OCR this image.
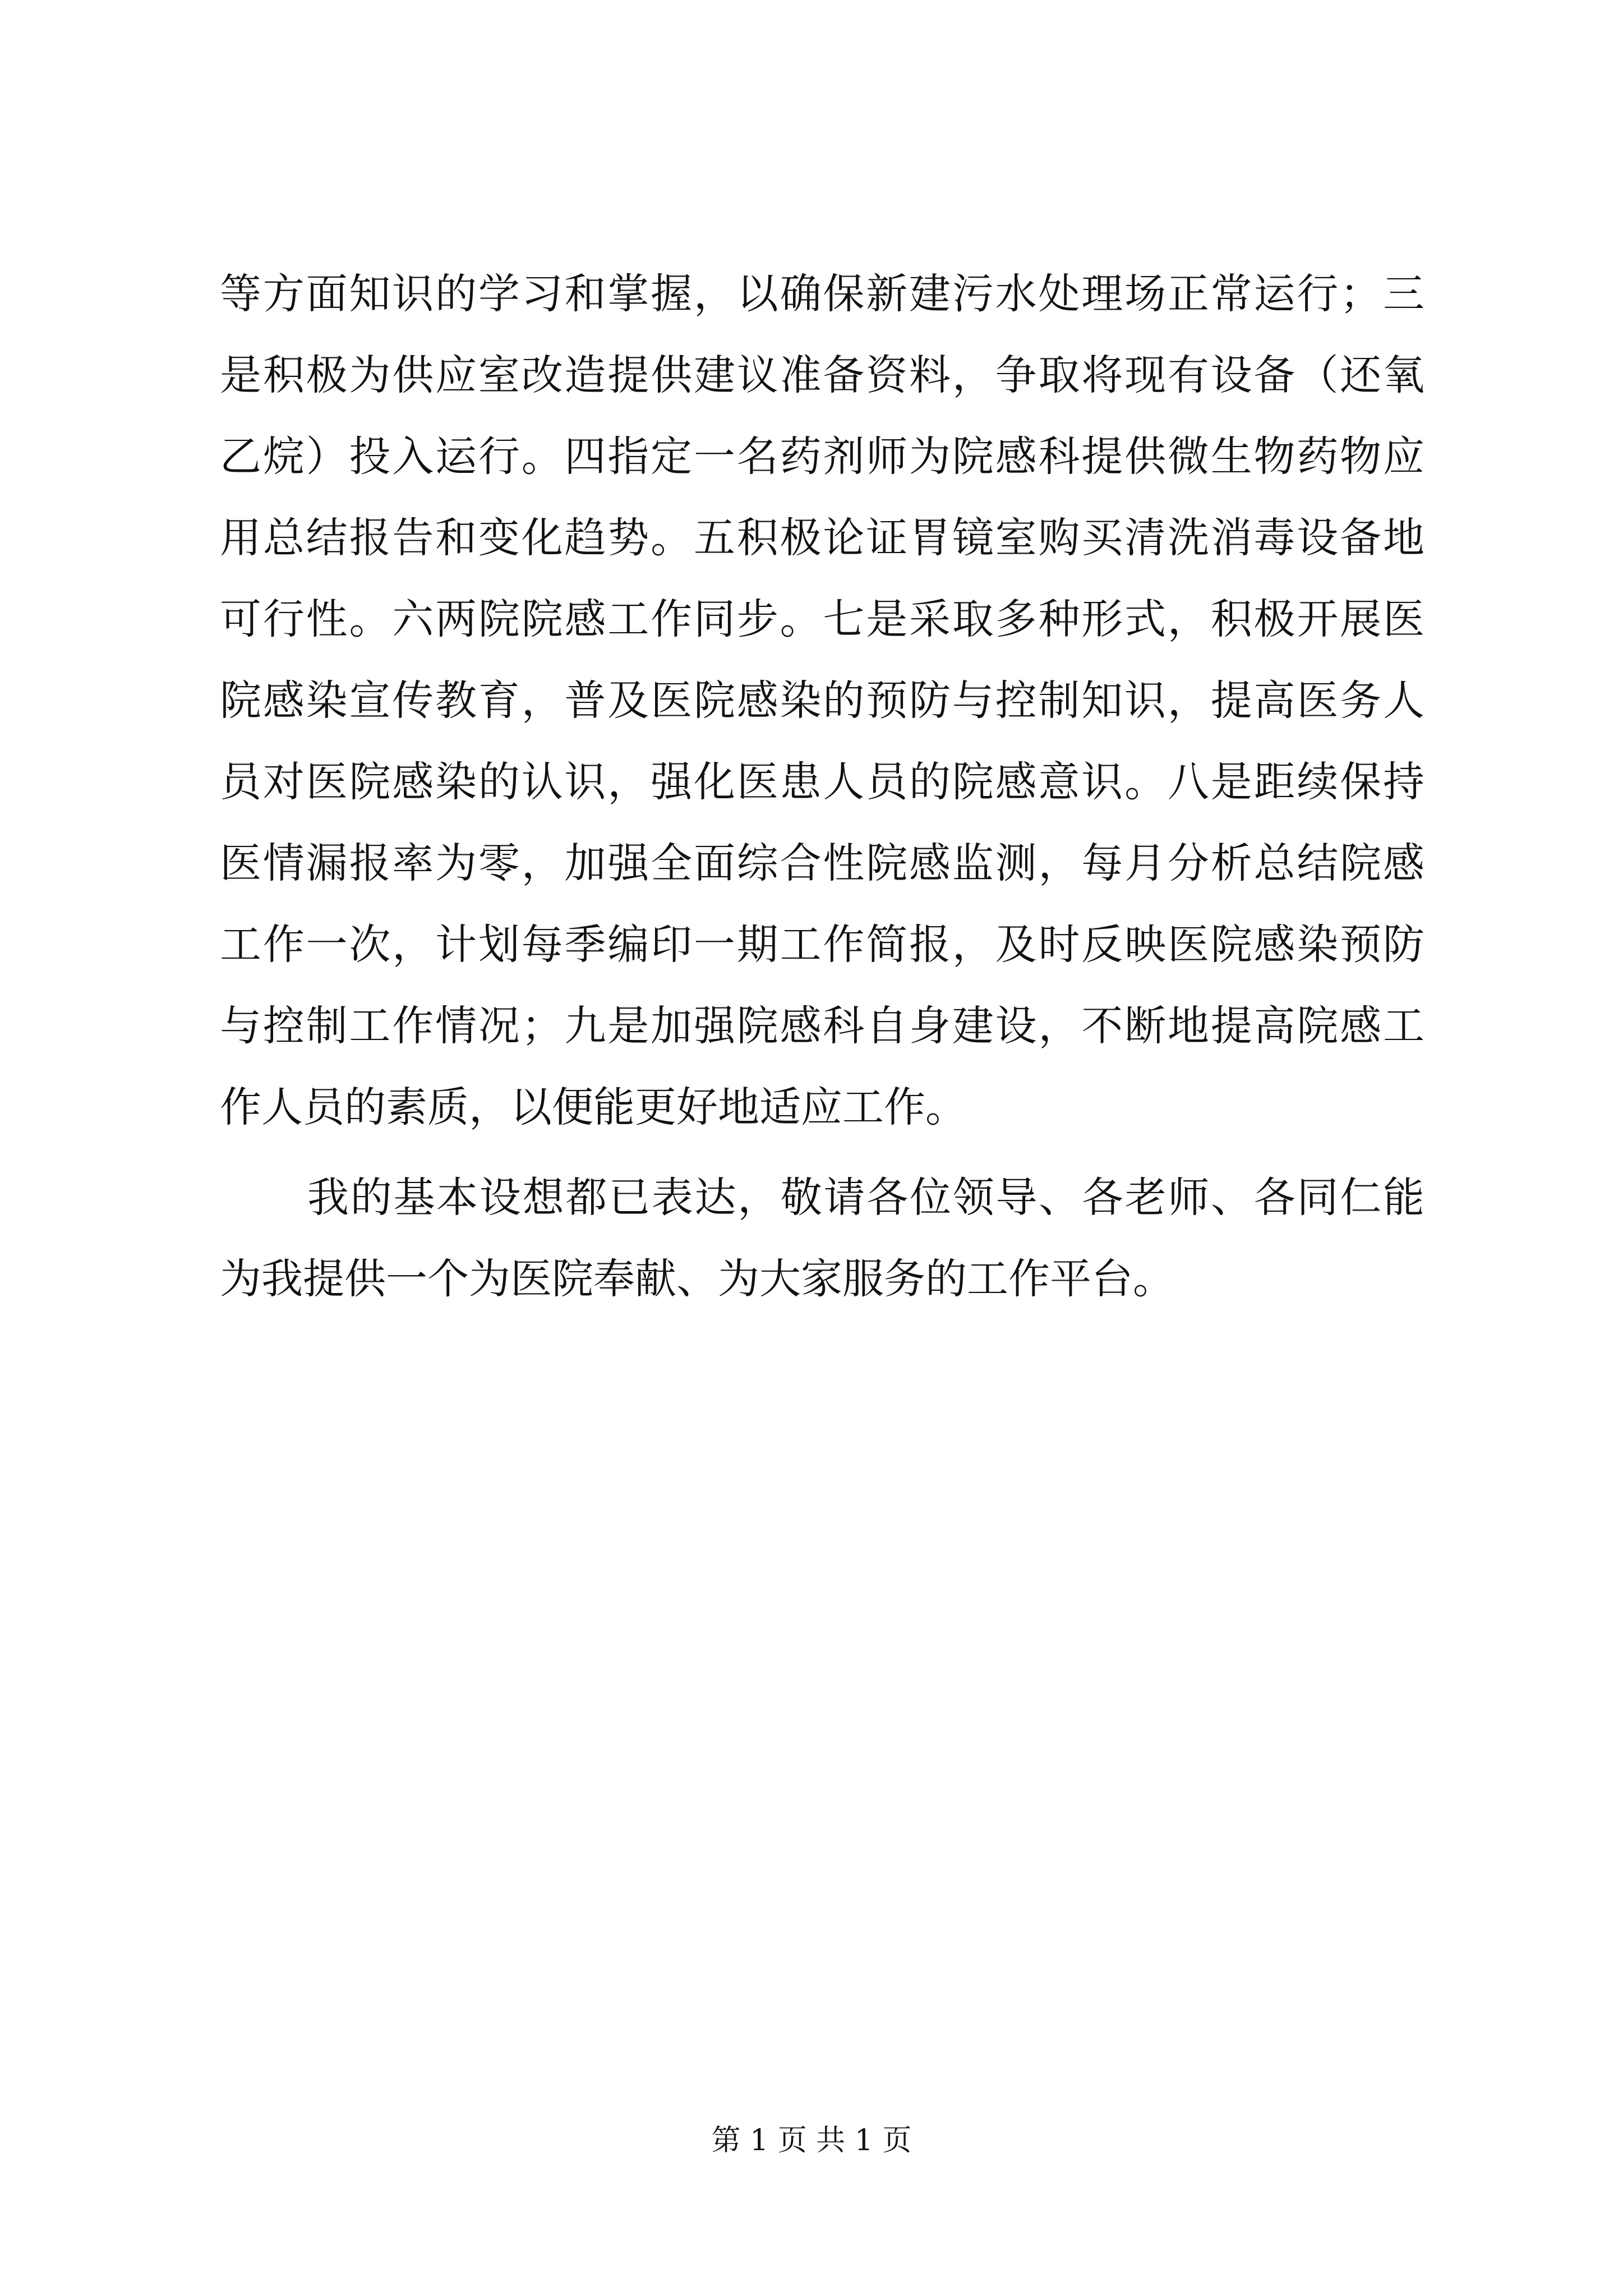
等方面知识的学习和掌握，以确保新建污水处理场正常运行；三
是积极为供应室改造提供建议准备资料，争取将现有设备（还氧
乙烷）投入运行。四指定一名药剂师为院感科提供微生物药物应
用总结报告和变化趋势。五积极论证胃镜室购买清洗消毒设备地
可行性。六两院院感工作同步。七是采取多种形式，积极开展医
院感染宣传教育，普及医院感染的预防与控制知识，提高医务人
员对医院感染的认识，强化医患人员的院感意识。八是距续保持
医情漏报率为零，加强全面综合性院感监测，每月分析总结院感
工作一次，计划每季编印一期工作简报，及时反映医院感染预防
与控制工作情况；九是加强院感科自身建设，不断地提高院感工
作人员的素质，以便能更好地适应工作。
我的基本设想都已表达，敬请各位领导、各老师、各同仁能
为我提供一个为医院奉献、为大家服务的工作平台。
第 1 页 共 1 页
